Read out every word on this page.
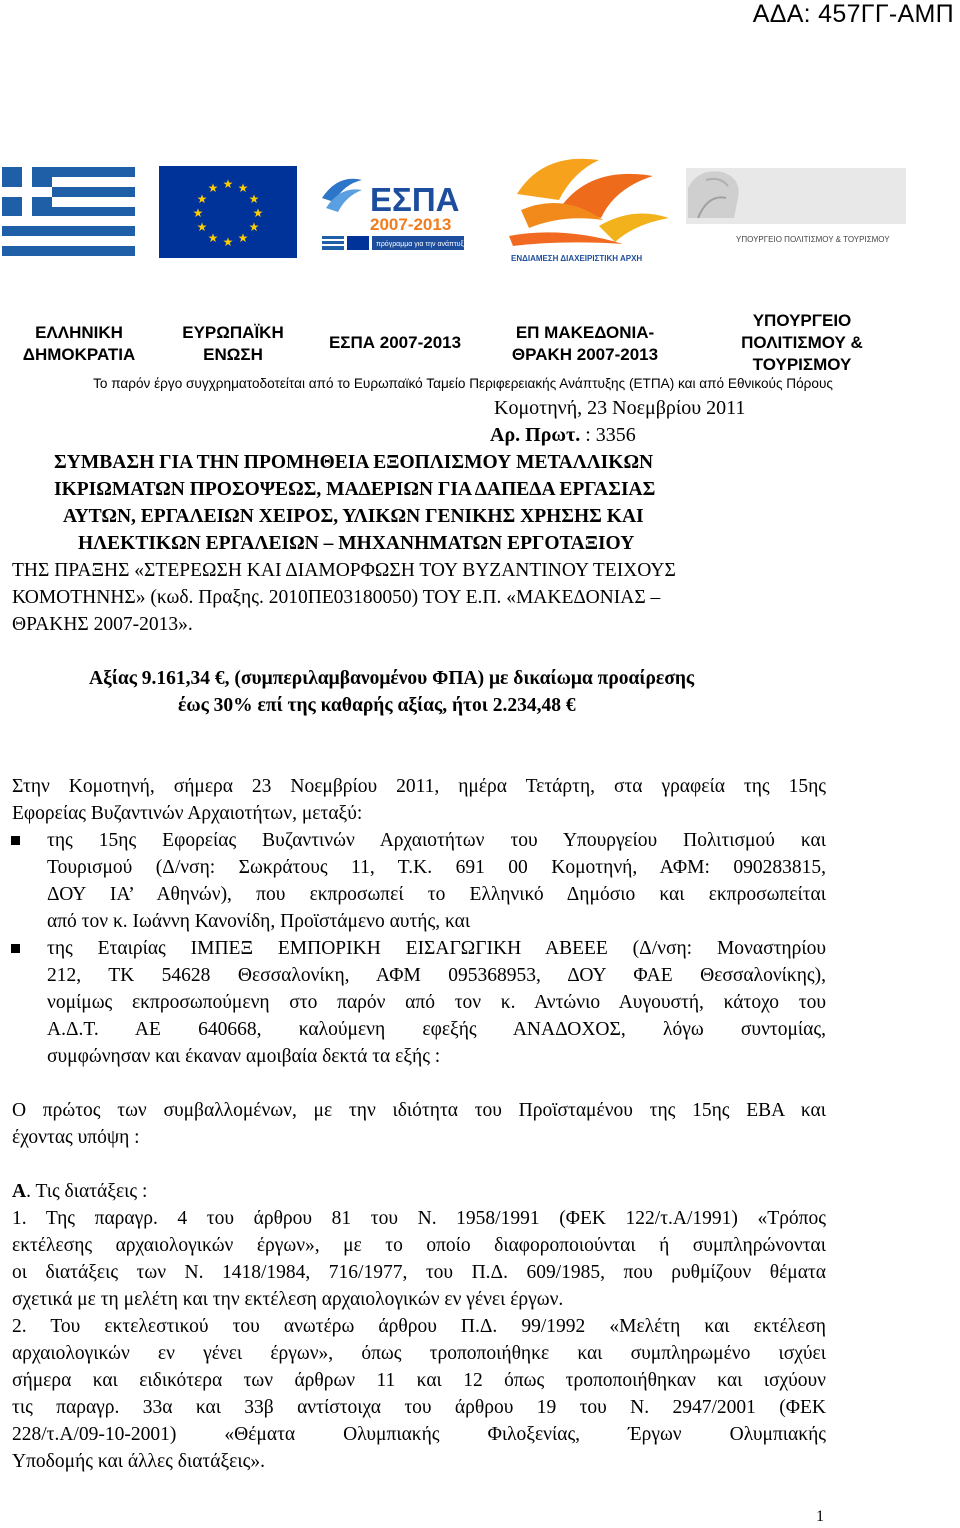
ΑΔΑ: 457ΓΓ-ΑΜΠ
★ ★
★
★
★
★
★
★
★
★
★
★	ΕΣΠΑ
2007-2013
πρόγραμμα για την ανάπτυξη
ΕΝΔΙΑΜΕΣΗ ΔΙΑΧΕΙΡΙΣΤΙΚΗ ΑΡΧΗ
ΥΠΟΥΡΓΕΙΟ ΠΟΛΙΤΙΣΜΟΥ & ΤΟΥΡΙΣΜΟΥ
ΕΛΛΗΝΙΚΗ
ΔΗΜΟΚΡΑΤΙΑ
ΕΥΡΩΠΑΪΚΗ
ΕΝΩΣΗ
ΕΣΠΑ 2007-2013
ΕΠ ΜΑΚΕΔΟΝΙΑ-
ΘΡΑΚΗ 2007-2013
ΥΠΟΥΡΓΕΙΟ
ΠΟΛΙΤΙΣΜΟΥ &
ΤΟΥΡΙΣΜΟΥ
Το παρόν έργο συγχρηματοδοτείται από το Ευρωπαϊκό Ταμείο Περιφερειακής Ανάπτυξης (ΕΤΠΑ) και από Εθνικούς Πόρους
Κομοτηνή, 23 Νοεμβρίου 2011
Αρ. Πρωτ. : 3356
ΣΥΜΒΑΣΗ ΓΙΑ ΤΗΝ ΠΡΟΜΗΘΕΙΑ ΕΞΟΠΛΙΣΜΟΥ ΜΕΤΑΛΛΙΚΩΝ
ΙΚΡΙΩΜΑΤΩΝ ΠΡΟΣΟΨΕΩΣ, ΜΑΔΕΡΙΩΝ ΓΙΑ ΔΑΠΕΔΑ ΕΡΓΑΣΙΑΣ
ΑΥΤΩΝ, ΕΡΓΑΛΕΙΩΝ ΧΕΙΡΟΣ, ΥΛΙΚΩΝ ΓΕΝΙΚΗΣ ΧΡΗΣΗΣ ΚΑΙ
ΗΛΕΚΤΙΚΩΝ ΕΡΓΑΛΕΙΩΝ – ΜΗΧΑΝΗΜΑΤΩΝ ΕΡΓΟΤΑΞΙΟΥ
ΤΗΣ ΠΡΑΞΗΣ «ΣΤΕΡΕΩΣΗ ΚΑΙ ΔΙΑΜΟΡΦΩΣΗ ΤΟΥ ΒΥΖΑΝΤΙΝΟΥ ΤΕΙΧΟΥΣ
ΚΟΜΟΤΗΝΗΣ» (κωδ. Πραξης. 2010ΠΕ03180050) ΤΟΥ Ε.Π. «ΜΑΚΕΔΟΝΙΑΣ –
ΘΡΑΚΗΣ 2007-2013».
Αξίας 9.161,34 €, (συμπεριλαμβανομένου ΦΠΑ) με δικαίωμα προαίρεσης
έως 30% επί της καθαρής αξίας, ήτοι 2.234,48 €
Στην Κομοτηνή, σήμερα 23 Νοεμβρίου 2011, ημέρα Τετάρτη, στα γραφεία της 15ης
Εφορείας Βυζαντινών Αρχαιοτήτων, μεταξύ:
της 15ης Εφορείας Βυζαντινών Αρχαιοτήτων του Υπουργείου Πολιτισμού και
Τουρισμού (Δ/νση: Σωκράτους 11, Τ.Κ. 691 00 Κομοτηνή, ΑΦΜ: 090283815,
ΔΟΥ ΙΑ’ Αθηνών), που εκπροσωπεί το Ελληνικό Δημόσιο και εκπροσωπείται
από τον κ. Ιωάννη Κανονίδη, Προϊστάμενο αυτής, και
της Εταιρίας ΙΜΠΕΞ ΕΜΠΟΡΙΚΗ ΕΙΣΑΓΩΓΙΚΗ ΑΒΕΕΕ (Δ/νση: Μοναστηρίου
212, ΤΚ 54628 Θεσσαλονίκη, ΑΦΜ 095368953, ΔΟΥ ΦΑΕ Θεσσαλονίκης),
νομίμως εκπροσωπούμενη στο παρόν από τον κ. Αντώνιο Αυγουστή, κάτοχο του
Α.Δ.Τ. ΑΕ 640668, καλούμενη εφεξής ΑΝΑΔΟΧΟΣ, λόγω συντομίας,
συμφώνησαν και έκαναν αμοιβαία δεκτά τα εξής :
Ο πρώτος των συμβαλλομένων, με την ιδιότητα του Προϊσταμένου της 15ης ΕΒΑ και
έχοντας υπόψη :
Α. Τις διατάξεις :
1. Της παραγρ. 4 του άρθρου 81 του Ν. 1958/1991 (ΦΕΚ 122/τ.Α/1991) «Τρόπος
εκτέλεσης αρχαιολογικών έργων», με το οποίο διαφοροποιούνται ή συμπληρώνονται
οι διατάξεις των Ν. 1418/1984, 716/1977, του Π.Δ. 609/1985, που ρυθμίζουν θέματα
σχετικά με τη μελέτη και την εκτέλεση αρχαιολογικών εν γένει έργων.
2. Του εκτελεστικού του ανωτέρω άρθρου Π.Δ. 99/1992 «Μελέτη και εκτέλεση
αρχαιολογικών εν γένει έργων», όπως τροποποιήθηκε και συμπληρωμένο ισχύει
σήμερα και ειδικότερα των άρθρων 11 και 12 όπως τροποποιήθηκαν και ισχύουν
τις παραγρ. 33α και 33β αντίστοιχα του άρθρου 19 του Ν. 2947/2001 (ΦΕΚ
228/τ.Α/09-10-2001) «Θέματα Ολυμπιακής Φιλοξενίας, Έργων Ολυμπιακής
Υποδομής και άλλες διατάξεις».
1
